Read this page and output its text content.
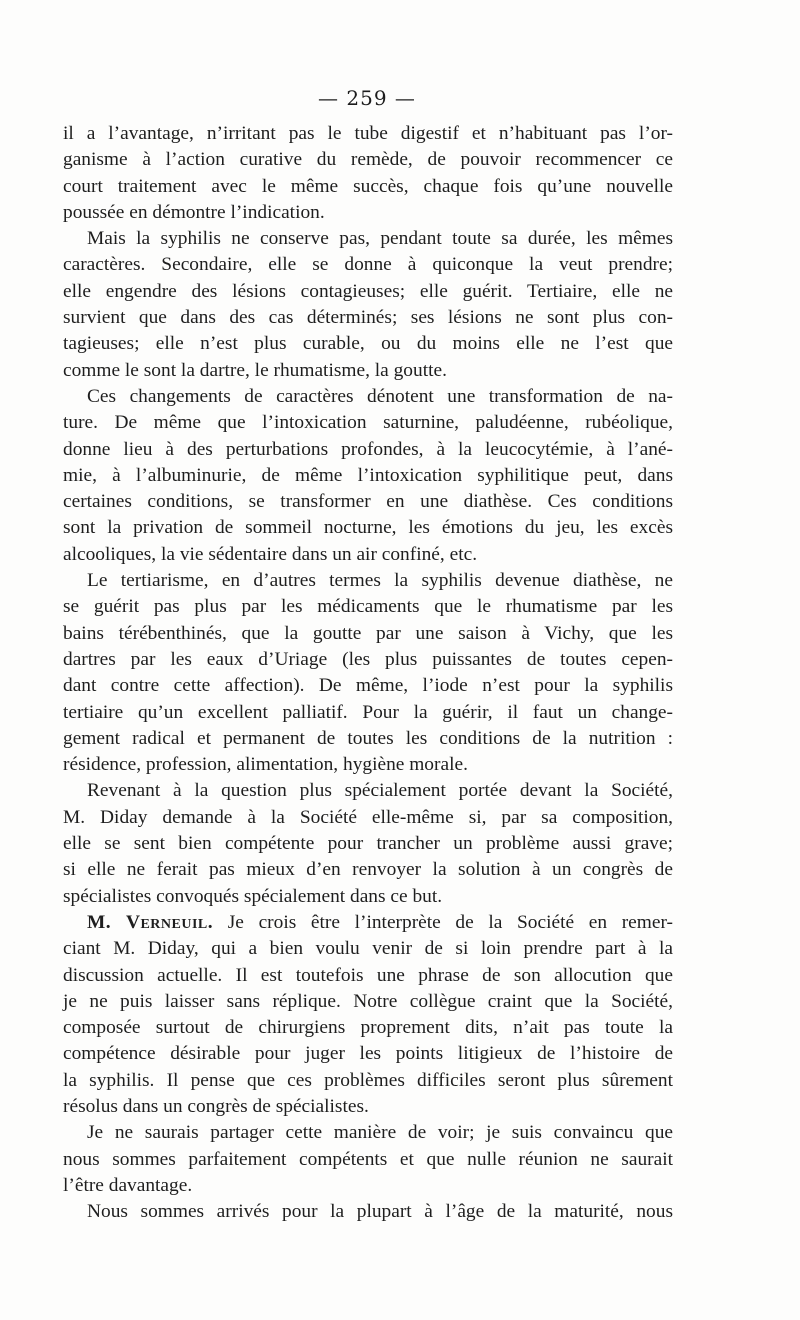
— 259 —

il a l’avantage, n’irritant pas le tube digestif et n’habituant pas l’or-
ganisme à l’action curative du remède, de pouvoir recommencer ce
court traitement avec le même succès, chaque fois qu’une nouvelle
poussée en démontre l’indication.

Mais la syphilis ne conserve pas, pendant toute sa durée, les mêmes
caractères. Secondaire, elle se donne à quiconque la veut prendre;
elle engendre des lésions contagieuses; elle guérit. Tertiaire, elle ne
survient que dans des cas déterminés; ses lésions ne sont plus con-
tagieuses; elle n’est plus curable, ou du moins elle ne l’est que
comme le sont la dartre, le rhumatisme, la goutte.

Ces changements de caractères dénotent une transformation de na-
ture. De même que l’intoxication saturnine, paludéenne, rubéolique,
donne lieu à des perturbations profondes, à la leucocytémie, à l’ané-
mie, à l’albuminurie, de même l’intoxication syphilitique peut, dans
certaines conditions, se transformer en une diathèse. Ces conditions
sont la privation de sommeil nocturne, les émotions du jeu, les excès
alcooliques, la vie sédentaire dans un air confiné, etc.

Le tertiarisme, en d’autres termes la syphilis devenue diathèse, ne
se guérit pas plus par les médicaments que le rhumatisme par les
bains térébenthinés, que la goutte par une saison à Vichy, que les
dartres par les eaux d’Uriage (les plus puissantes de toutes cepen-
dant contre cette affection). De même, l’iode n’est pour la syphilis
tertiaire qu’un excellent palliatif. Pour la guérir, il faut un change-
gement radical et permanent de toutes les conditions de la nutrition :
résidence, profession, alimentation, hygiène morale.

Revenant à la question plus spécialement portée devant la Société,
M. Diday demande à la Société elle-même si, par sa composition,
elle se sent bien compétente pour trancher un problème aussi grave;
si elle ne ferait pas mieux d’en renvoyer la solution à un congrès de
spécialistes convoqués spécialement dans ce but.

M. Verneuil. Je crois être l’interprète de la Société en remer-
ciant M. Diday, qui a bien voulu venir de si loin prendre part à la
discussion actuelle. Il est toutefois une phrase de son allocution que
je ne puis laisser sans réplique. Notre collègue craint que la Société,
composée surtout de chirurgiens proprement dits, n’ait pas toute la
compétence désirable pour juger les points litigieux de l’histoire de
la syphilis. Il pense que ces problèmes difficiles seront plus sûrement
résolus dans un congrès de spécialistes.

Je ne saurais partager cette manière de voir; je suis convaincu que
nous sommes parfaitement compétents et que nulle réunion ne saurait
l’être davantage.

Nous sommes arrivés pour la plupart à l’âge de la maturité, nous
